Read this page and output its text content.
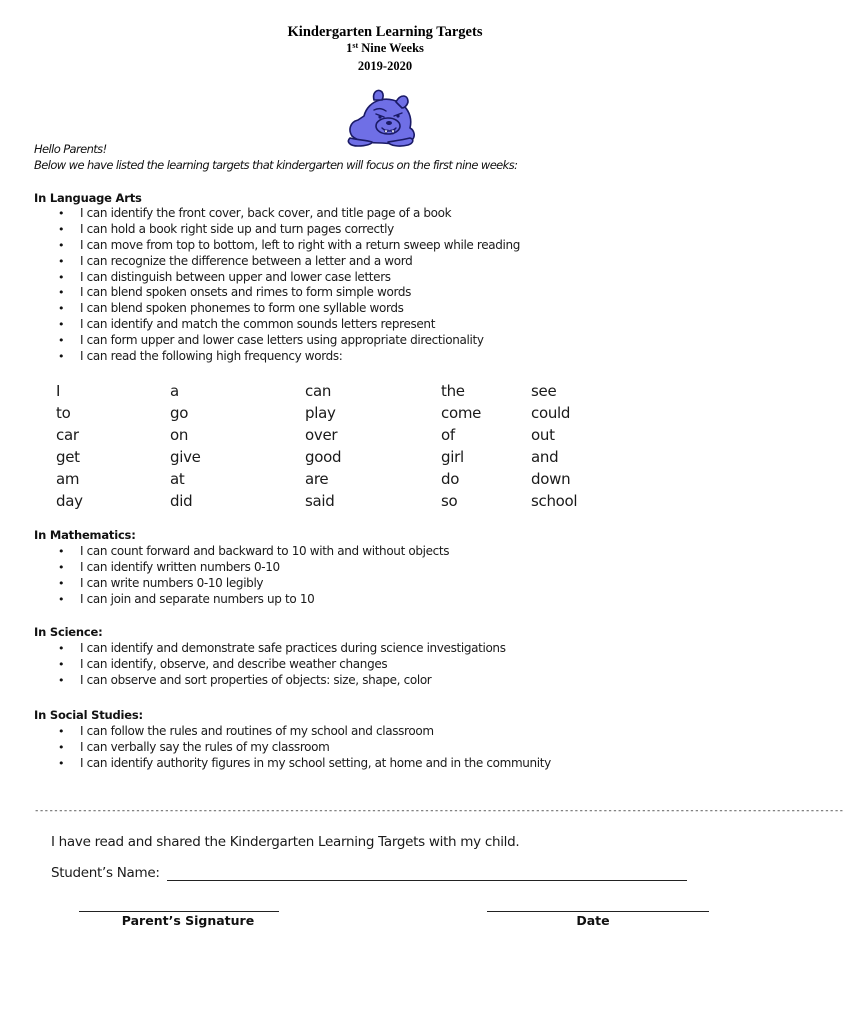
Kindergarten Learning Targets
1st Nine Weeks
2019-2020
Hello Parents!
Below we have listed the learning targets that kindergarten will focus on the first nine weeks:
In Language Arts
• I can identify the front cover, back cover, and title page of a book
• I can hold a book right side up and turn pages correctly
• I can move from top to bottom, left to right with a return sweep while reading
• I can recognize the difference between a letter and a word
• I can distinguish between upper and lower case letters
• I can blend spoken onsets and rimes to form simple words
• I can blend spoken phonemes to form one syllable words
• I can identify and match the common sounds letters represent
• I can form upper and lower case letters using appropriate directionality
• I can read the following high frequency words:
I	a	can	the	see
to	go	play	come	could
car	on	over	of	out
get	give	good	girl	and
am	at	are	do	down
day	did	said	so	school
In Mathematics:
• I can count forward and backward to 10 with and without objects
• I can identify written numbers 0-10
• I can write numbers 0-10 legibly
• I can join and separate numbers up to 10
In Science:
• I can identify and demonstrate safe practices during science investigations
• I can identify, observe, and describe weather changes
• I can observe and sort properties of objects: size, shape, color
In Social Studies:
• I can follow the rules and routines of my school and classroom
• I can verbally say the rules of my classroom
• I can identify authority figures in my school setting, at home and in the community
------------------------------------------------------------------------------------------------------------------------------------------------------------------------
I have read and shared the Kindergarten Learning Targets with my child.
Student’s Name:
Parent’s Signature	Date
